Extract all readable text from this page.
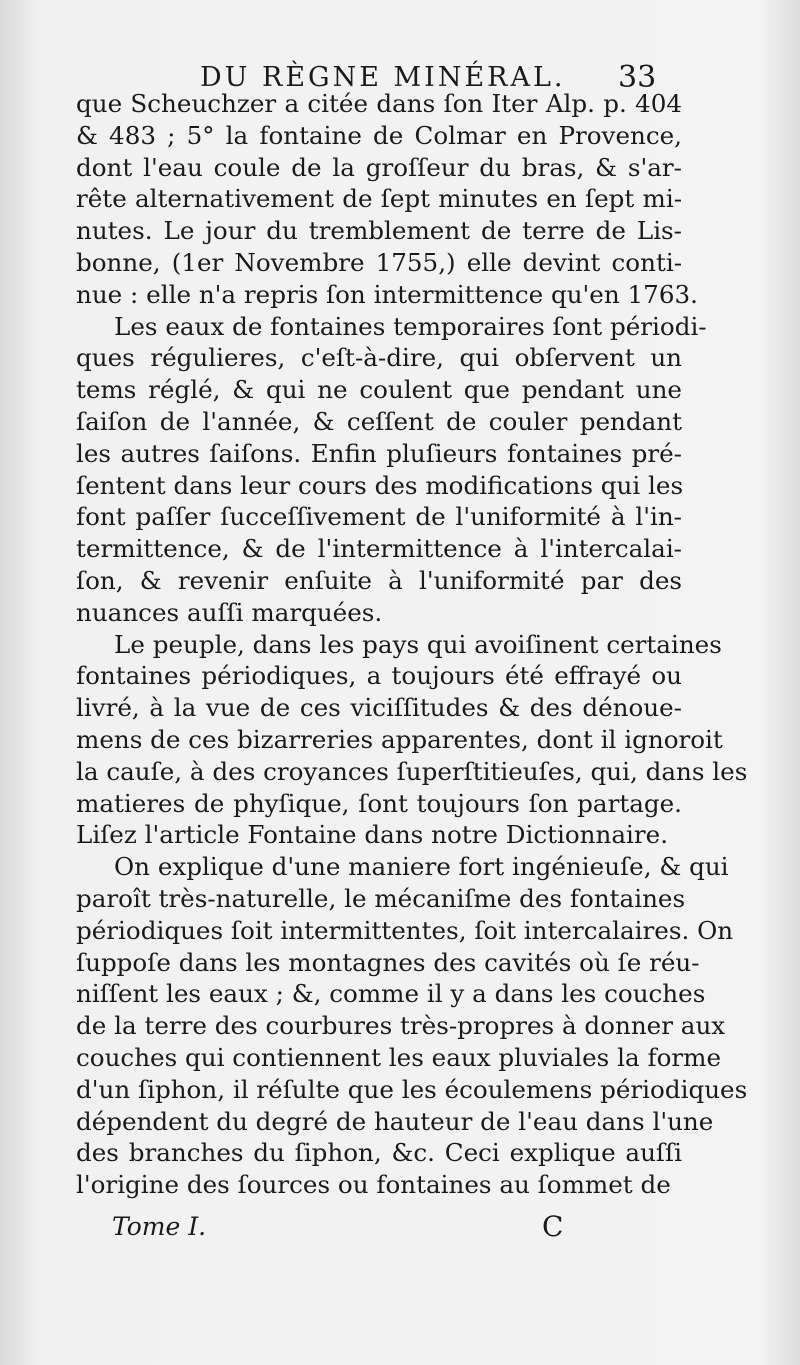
DU RÈGNE MINÉRAL. 33
que Scheuchzer a citée dans ſon Iter Alp. p. 404
& 483 ; 5° la fontaine de Colmar en Provence,
dont l'eau coule de la groſſeur du bras, & s'ar-
rête alternativement de ſept minutes en ſept mi-
nutes. Le jour du tremblement de terre de Lis-
bonne, (1er Novembre 1755,) elle devint conti-
nue : elle n'a repris ſon intermittence qu'en 1763.
Les eaux de fontaines temporaires ſont périodi-
ques régulieres, c'eſt-à-dire, qui obſervent un
tems réglé, & qui ne coulent que pendant une
ſaiſon de l'année, & ceſſent de couler pendant
les autres ſaiſons. Enfin pluſieurs fontaines pré-
ſentent dans leur cours des modifications qui les
font paſſer ſucceſſivement de l'uniformité à l'in-
termittence, & de l'intermittence à l'intercalai-
ſon, & revenir enſuite à l'uniformité par des
nuances auſſi marquées.
Le peuple, dans les pays qui avoiſinent certaines
fontaines périodiques, a toujours été effrayé ou
livré, à la vue de ces viciſſitudes & des dénoue-
mens de ces bizarreries apparentes, dont il ignoroit
la cauſe, à des croyances ſuperſtitieuſes, qui, dans les
matieres de phyſique, ſont toujours ſon partage.
Liſez l'article Fontaine dans notre Dictionnaire.
On explique d'une maniere fort ingénieuſe, & qui
paroît très-naturelle, le mécaniſme des fontaines
périodiques ſoit intermittentes, ſoit intercalaires. On
ſuppoſe dans les montagnes des cavités où ſe réu-
niſſent les eaux ; &, comme il y a dans les couches
de la terre des courbures très-propres à donner aux
couches qui contiennent les eaux pluviales la forme
d'un ſiphon, il réſulte que les écoulemens périodiques
dépendent du degré de hauteur de l'eau dans l'une
des branches du ſiphon, &c. Ceci explique auſſi
l'origine des ſources ou fontaines au ſommet de
Tome I.	C
